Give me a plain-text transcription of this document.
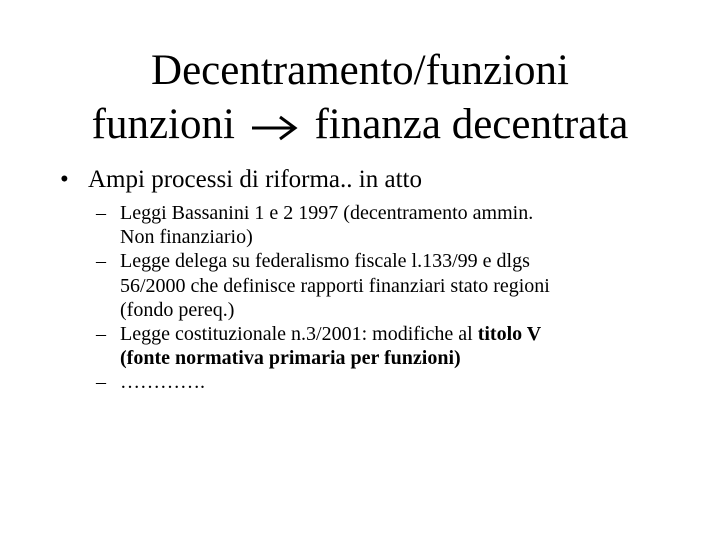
Decentramento/funzioni
funzioni finanza decentrata
• Ampi processi di riforma.. in atto
– Leggi Bassanini 1 e 2 1997 (decentramento ammin.
Non finanziario)
– Legge delega su federalismo fiscale l.133/99 e dlgs
56/2000 che definisce rapporti finanziari stato regioni
(fondo pereq.)
– Legge costituzionale n.3/2001: modifiche al titolo V
(fonte normativa primaria per funzioni)
– ………….
